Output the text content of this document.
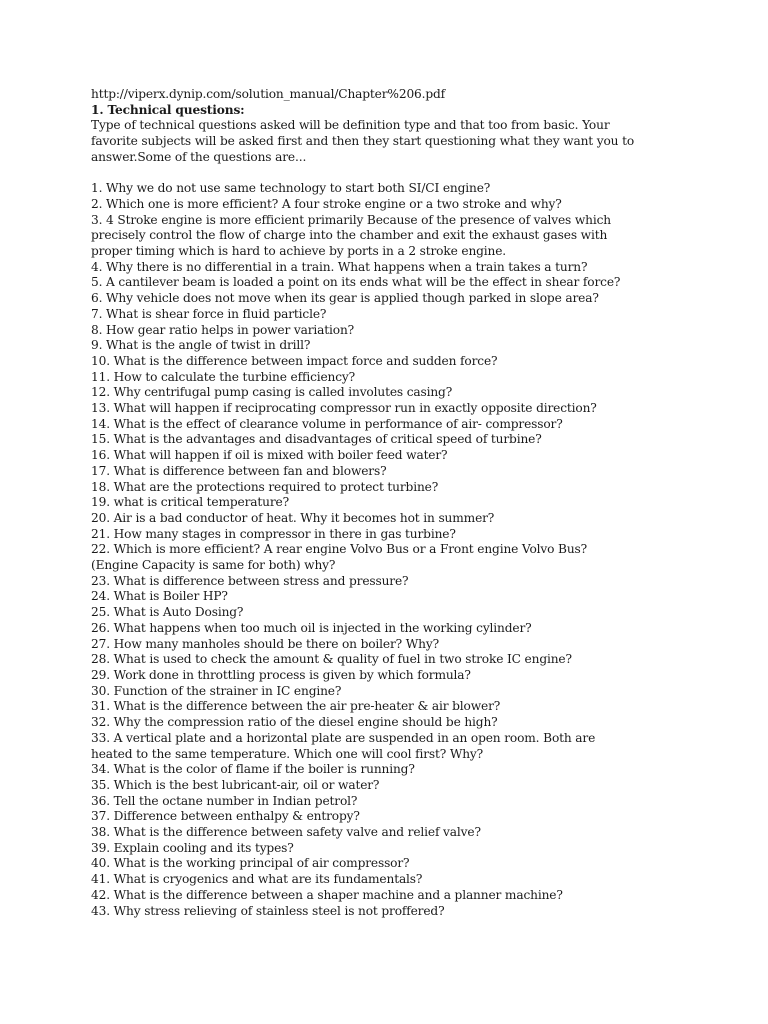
http://viperx.dynip.com/solution_manual/Chapter%206.pdf
1. Technical questions:
Type of technical questions asked will be definition type and that too from basic. Your
favorite subjects will be asked first and then they start questioning what they want you to
answer.Some of the questions are...
1. Why we do not use same technology to start both SI/CI engine?
2. Which one is more efficient? A four stroke engine or a two stroke and why?
3. 4 Stroke engine is more efficient primarily Because of the presence of valves which
precisely control the flow of charge into the chamber and exit the exhaust gases with
proper timing which is hard to achieve by ports in a 2 stroke engine.
4. Why there is no differential in a train. What happens when a train takes a turn?
5. A cantilever beam is loaded a point on its ends what will be the effect in shear force?
6. Why vehicle does not move when its gear is applied though parked in slope area?
7. What is shear force in fluid particle?
8. How gear ratio helps in power variation?
9. What is the angle of twist in drill?
10. What is the difference between impact force and sudden force?
11. How to calculate the turbine efficiency?
12. Why centrifugal pump casing is called involutes casing?
13. What will happen if reciprocating compressor run in exactly opposite direction?
14. What is the effect of clearance volume in performance of air- compressor?
15. What is the advantages and disadvantages of critical speed of turbine?
16. What will happen if oil is mixed with boiler feed water?
17. What is difference between fan and blowers?
18. What are the protections required to protect turbine?
19. what is critical temperature?
20. Air is a bad conductor of heat. Why it becomes hot in summer?
21. How many stages in compressor in there in gas turbine?
22. Which is more efficient? A rear engine Volvo Bus or a Front engine Volvo Bus?
(Engine Capacity is same for both) why?
23. What is difference between stress and pressure?
24. What is Boiler HP?
25. What is Auto Dosing?
26. What happens when too much oil is injected in the working cylinder?
27. How many manholes should be there on boiler? Why?
28. What is used to check the amount & quality of fuel in two stroke IC engine?
29. Work done in throttling process is given by which formula?
30. Function of the strainer in IC engine?
31. What is the difference between the air pre-heater & air blower?
32. Why the compression ratio of the diesel engine should be high?
33. A vertical plate and a horizontal plate are suspended in an open room. Both are
heated to the same temperature. Which one will cool first? Why?
34. What is the color of flame if the boiler is running?
35. Which is the best lubricant-air, oil or water?
36. Tell the octane number in Indian petrol?
37. Difference between enthalpy & entropy?
38. What is the difference between safety valve and relief valve?
39. Explain cooling and its types?
40. What is the working principal of air compressor?
41. What is cryogenics and what are its fundamentals?
42. What is the difference between a shaper machine and a planner machine?
43. Why stress relieving of stainless steel is not proffered?
